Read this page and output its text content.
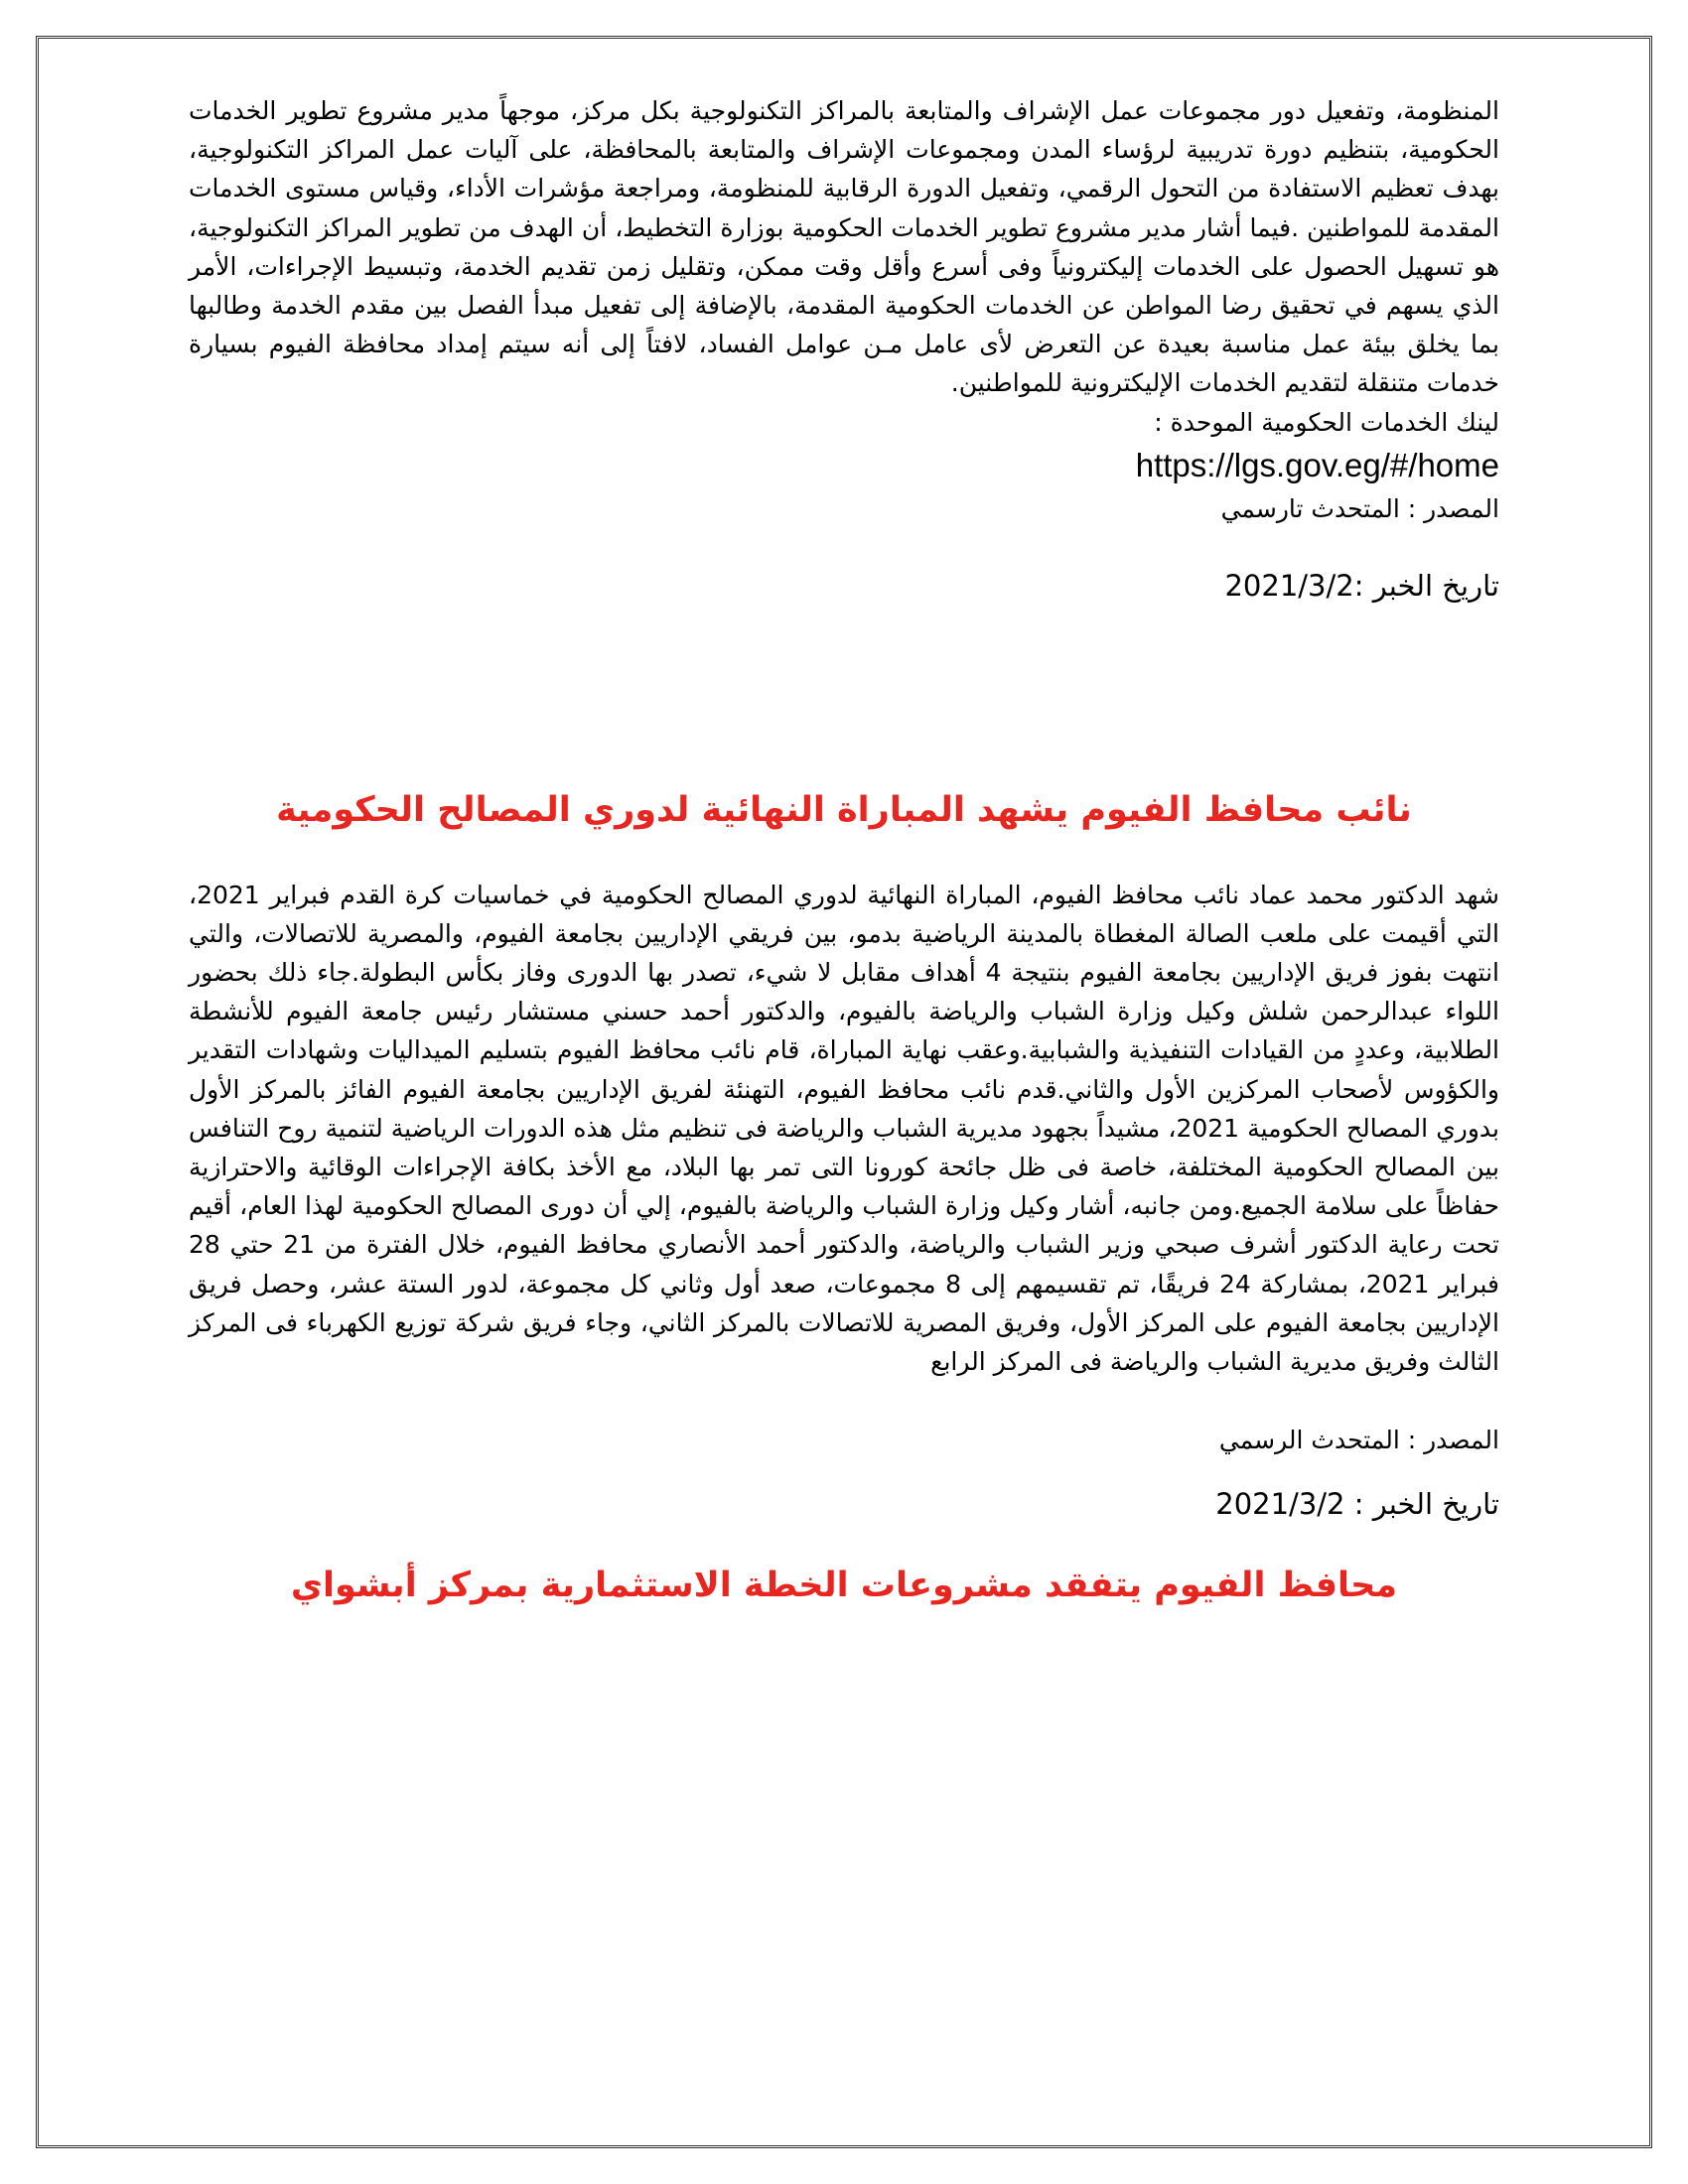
المنظومة، وتفعيل دور مجموعات عمل الإشراف والمتابعة بالمراكز التكنولوجية بكل مركز، موجهاً مدير مشروع تطوير الخدمات الحكومية، بتنظيم دورة تدريبية لرؤساء المدن ومجموعات الإشراف والمتابعة بالمحافظة، على آليات عمل المراكز التكنولوجية، بهدف تعظيم الاستفادة من التحول الرقمي، وتفعيل الدورة الرقابية للمنظومة، ومراجعة مؤشرات الأداء، وقياس مستوى الخدمات المقدمة للمواطنين .فيما أشار مدير مشروع تطوير الخدمات الحكومية بوزارة التخطيط، أن الهدف من تطوير المراكز التكنولوجية، هو تسهيل الحصول على الخدمات إليكترونياً وفى أسرع وأقل وقت ممكن، وتقليل زمن تقديم الخدمة، وتبسيط الإجراءات، الأمر الذي يسهم في تحقيق رضا المواطن عن الخدمات الحكومية المقدمة، بالإضافة إلى تفعيل مبدأ الفصل بين مقدم الخدمة وطالبها بما يخلق بيئة عمل مناسبة بعيدة عن التعرض لأى عامل مـن عوامل الفساد، لافتاً إلى أنه سيتم إمداد محافظة الفيوم بسيارة خدمات متنقلة لتقديم الخدمات الإليكترونية للمواطنين.

لينك الخدمات الحكومية الموحدة :

https://lgs.gov.eg/#/home

المصدر : المتحدث تارسمي

تاريخ الخبر :2021/3/2

نائب محافظ الفيوم يشهد المباراة النهائية لدوري المصالح الحكومية

شهد الدكتور محمد عماد نائب محافظ الفيوم، المباراة النهائية لدوري المصالح الحكومية في خماسيات كرة القدم فبراير 2021، التي أقيمت على ملعب الصالة المغطاة بالمدينة الرياضية بدمو، بين فريقي الإداريين بجامعة الفيوم، والمصرية للاتصالات، والتي انتهت بفوز فريق الإداريين بجامعة الفيوم بنتيجة 4 أهداف مقابل لا شيء، تصدر بها الدورى وفاز بكأس البطولة.جاء ذلك بحضور اللواء عبدالرحمن شلش وكيل وزارة الشباب والرياضة بالفيوم، والدكتور أحمد حسني مستشار رئيس جامعة الفيوم للأنشطة الطلابية، وعددٍ من القيادات التنفيذية والشبابية.وعقب نهاية المباراة، قام نائب محافظ الفيوم بتسليم الميداليات وشهادات التقدير والكؤوس لأصحاب المركزين الأول والثاني.قدم نائب محافظ الفيوم، التهنئة لفريق الإداريين بجامعة الفيوم الفائز بالمركز الأول بدوري المصالح الحكومية 2021، مشيداً بجهود مديرية الشباب والرياضة فى تنظيم مثل هذه الدورات الرياضية لتنمية روح التنافس بين المصالح الحكومية المختلفة، خاصة فى ظل جائحة كورونا التى تمر بها البلاد، مع الأخذ بكافة الإجراءات الوقائية والاحترازية حفاظاً على سلامة الجميع.ومن جانبه، أشار وكيل وزارة الشباب والرياضة بالفيوم، إلي أن دورى المصالح الحكومية لهذا العام، أقيم تحت رعاية الدكتور أشرف صبحي وزير الشباب والرياضة، والدكتور أحمد الأنصاري محافظ الفيوم، خلال الفترة من 21 حتي 28 فبراير 2021، بمشاركة 24 فريقًا، تم تقسيمهم إلى 8 مجموعات، صعد أول وثاني كل مجموعة، لدور الستة عشر، وحصل فريق الإداريين بجامعة الفيوم على المركز الأول، وفريق المصرية للاتصالات بالمركز الثاني، وجاء فريق شركة توزيع الكهرباء فى المركز الثالث وفريق مديرية الشباب والرياضة فى المركز الرابع

المصدر : المتحدث الرسمي

تاريخ الخبر : 2021/3/2

محافظ الفيوم يتفقد مشروعات الخطة الاستثمارية بمركز أبشواي
